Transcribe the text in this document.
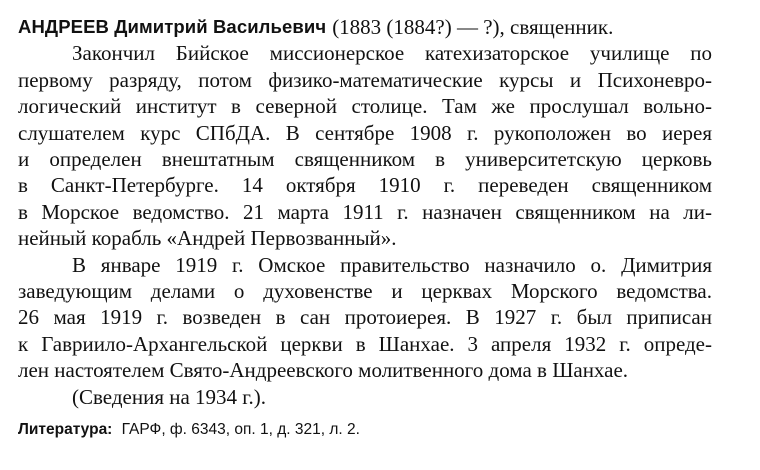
АНДРЕЕВ Димитрий Васильевич (1883 (1884?) — ?), священник.
Закончил Бийское миссионерское катехизаторское училище по
первому разряду, потом физико-математические курсы и Психоневро-
логический институт в северной столице. Там же прослушал вольно-
слушателем курс СПбДА. В сентябре 1908 г. рукоположен во иерея
и определен внештатным священником в университетскую церковь
в Санкт-Петербурге. 14 октября 1910 г. переведен священником
в Морское ведомство. 21 марта 1911 г. назначен священником на ли-
нейный корабль «Андрей Первозванный».
В январе 1919 г. Омское правительство назначило о. Димитрия
заведующим делами о духовенстве и церквах Морского ведомства.
26 мая 1919 г. возведен в сан протоиерея. В 1927 г. был приписан
к Гавриило-Архангельской церкви в Шанхае. 3 апреля 1932 г. опреде-
лен настоятелем Свято-Андреевского молитвенного дома в Шанхае.
(Сведения на 1934 г.).
Литература: ГАРФ, ф. 6343, оп. 1, д. 321, л. 2.
